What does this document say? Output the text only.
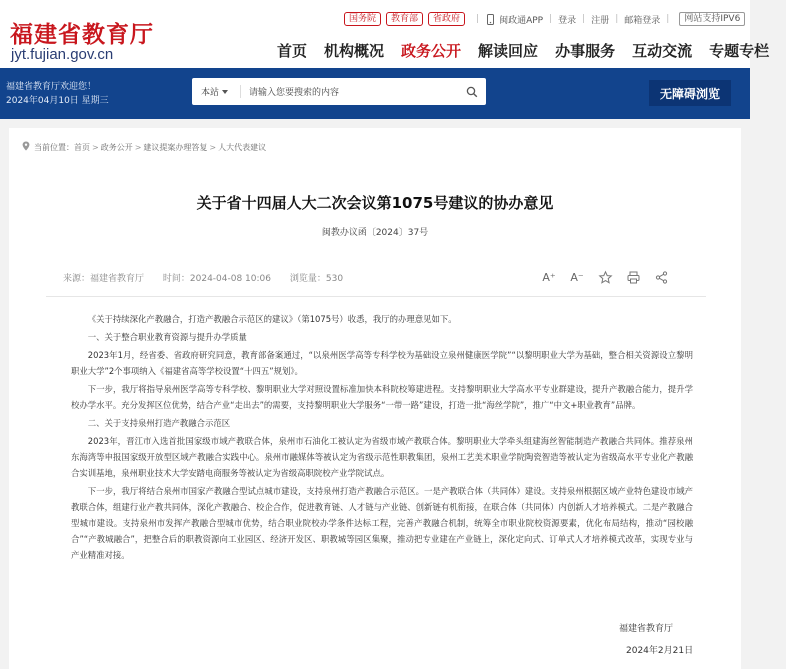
福建省教育厅
jyt.fujian.gov.cn
国务院	教育部	省政府	| 闽政通APP | 登录 | 注册 | 邮箱登录 |	网站支持IPV6
首页 机构概况 政务公开 解读回应 办事服务 互动交流 专题专栏
福建省教育厅欢迎您！
2024年04月10日 星期三
本站	请输入您要搜索的内容	无障碍浏览
当前位置： 首页 > 政务公开 > 建议提案办理答复 > 人大代表建议
关于省十四届人大二次会议第1075号建议的协办意见
闽教办议函〔2024〕37号
来源：福建省教育厅 时间：2024-04-08 10:06 浏览量：530	A⁺ A⁻

《关于持续深化产教融合，打造产教融合示范区的建议》（第1075号）收悉，我厅的办理意见如下。

一、关于整合职业教育资源与提升办学质量

2023年1月，经省委、省政府研究同意，教育部备案通过，“以泉州医学高等专科学校为基础设立泉州健康医学院”“以黎明职业大学为基础，整合相关资源设立黎明职业大学”2个事项纳入《福建省高等学校设置“十四五”规划》。

下一步，我厅将指导泉州医学高等专科学校、黎明职业大学对照设置标准加快本科院校筹建进程。支持黎明职业大学高水平专业群建设，提升产教融合能力，提升学校办学水平。充分发挥区位优势，结合产业“走出去”的需要，支持黎明职业大学服务“一带一路”建设，打造一批“海丝学院”，推广“中文+职业教育”品牌。

二、关于支持泉州打造产教融合示范区

2023年，晋江市入选首批国家级市域产教联合体，泉州市石油化工被认定为省级市域产教联合体。黎明职业大学牵头组建海丝智能制造产教融合共同体。推荐泉州东海湾等申报国家级开放型区域产教融合实践中心。泉州市融媒体等被认定为省级示范性职教集团，泉州工艺美术职业学院陶瓷智造等被认定为省级高水平专业化产教融合实训基地，泉州职业技术大学安踏电商服务等被认定为省级高职院校产业学院试点。

下一步，我厅将结合泉州市国家产教融合型试点城市建设，支持泉州打造产教融合示范区。一是产教联合体（共同体）建设。支持泉州根据区域产业特色建设市域产教联合体，组建行业产教共同体，深化产教融合、校企合作，促进教育链、人才链与产业链、创新链有机衔接，在联合体（共同体）内创新人才培养模式。二是产教融合型城市建设。支持泉州市发挥产教融合型城市优势，结合职业院校办学条件达标工程，完善产教融合机制，统筹全市职业院校资源要素，优化布局结构，推动“园校融合”“产教城融合”，把整合后的职教资源向工业园区、经济开发区、职教城等园区集聚，推动把专业建在产业链上，深化定向式、订单式人才培养模式改革，实现专业与产业精准对接。

福建省教育厅
2024年2月21日
